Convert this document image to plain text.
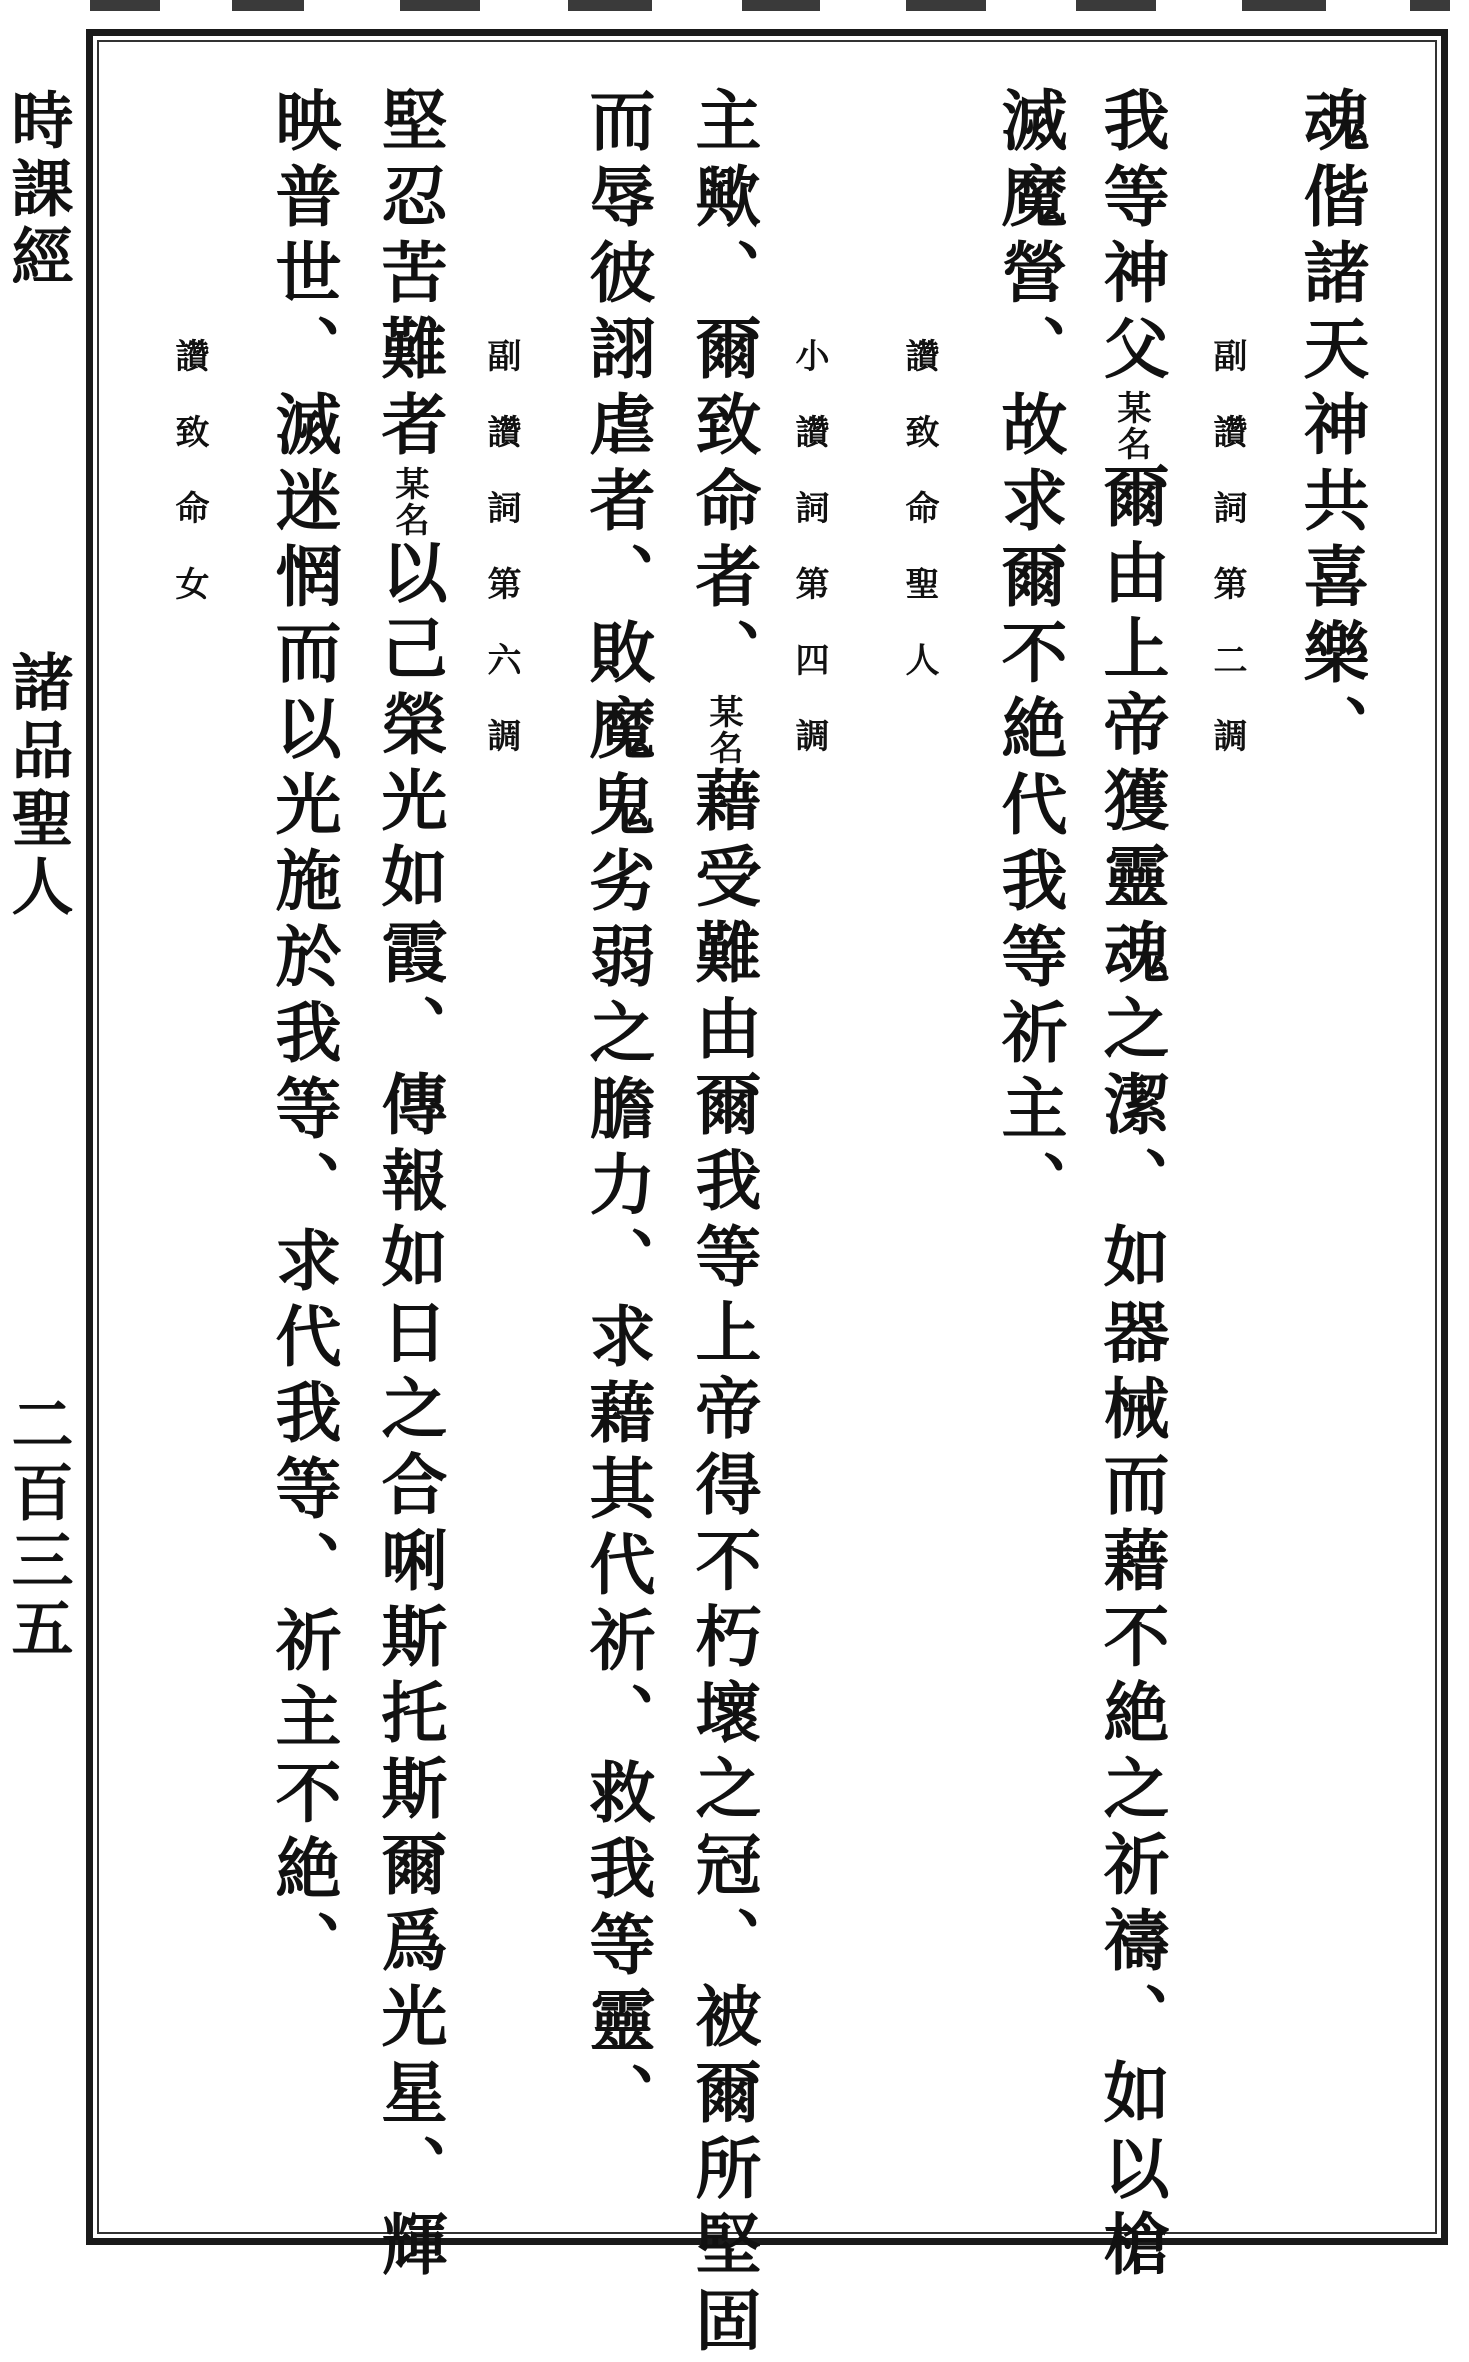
時課經
諸品聖人
二百三五
魂偕諸天神共喜樂、
副讚詞第二調
我等神父某名爾由上帝獲靈魂之潔、如器械而藉不絶之祈禱、如以槍
滅魔營、故求爾不絶代我等祈主、
讚致命聖人
小讚詞第四調
主歟、爾致命者、某名藉受難由爾我等上帝得不朽壞之冠、被爾所堅固
而辱彼詡虐者、敗魔鬼劣弱之膽力、求藉其代祈、救我等靈、
副讚詞第六調
堅忍苦難者某名以己榮光如霞、傳報如日之合唎斯托斯爾爲光星、輝
映普世、滅迷惘而以光施於我等、求代我等、祈主不絶、
讚致命女
